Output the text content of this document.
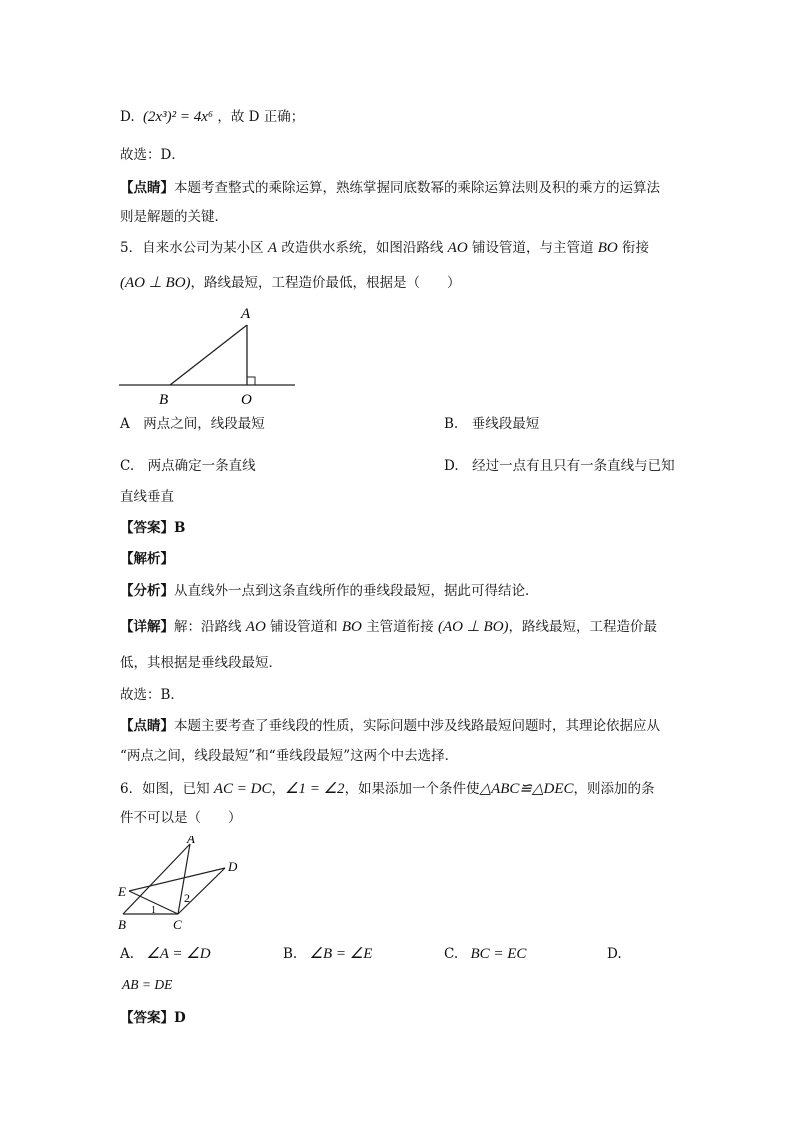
D. (2x³)² = 4x⁶ ，故 D 正确；
故选：D．
【点睛】本题考查整式的乘除运算，熟练掌握同底数幂的乘除运算法则及积的乘方的运算法
则是解题的关键．
5．自来水公司为某小区 A 改造供水系统，如图沿路线 AO 铺设管道，与主管道 BO 衔接
(AO ⊥ BO)，路线最短，工程造价最低，根据是（　　）
A
B	O
A　两点之间，线段最短	B.　垂线段最短
C.　两点确定一条直线	D.　经过一点有且只有一条直线与已知
直线垂直
【答案】B
【解析】
【分析】从直线外一点到这条直线所作的垂线段最短，据此可得结论．
【详解】解：沿路线 AO 铺设管道和 BO 主管道衔接 (AO ⊥ BO)，路线最短，工程造价最
低，其根据是垂线段最短．
故选：B．
【点睛】本题主要考查了垂线段的性质，实际问题中涉及线路最短问题时，其理论依据应从
“两点之间，线段最短”和“垂线段最短”这两个中去选择．
6．如图，已知 AC = DC，∠1 = ∠2，如果添加一个条件使△ABC≌△DEC，则添加的条
件不可以是（　　）
A
D
E
B	C
1
2
A. ∠A = ∠D	B. ∠B = ∠E	C. BC = EC	D.
AB = DE
【答案】D
